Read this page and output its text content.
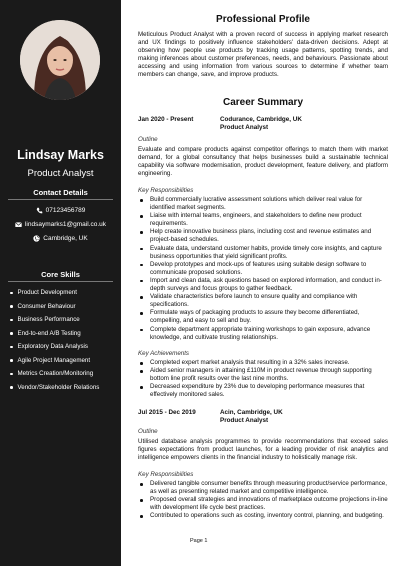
Lindsay Marks
Product Analyst
Contact Details
07123456789
lindsaymarks1@gmail.co.uk
Cambridge, UK
Core Skills
Product Development
Consumer Behaviour
Business Performance
End-to-end A/B Testing
Exploratory Data Analysis
Agile Project Management
Metrics Creation/Monitoring
Vendor/Stakeholder Relations
Professional Profile
Meticulous Product Analyst with a proven record of success in applying market research and UX findings to positively influence stakeholders' data-driven decisions. Adept at observing how people use products by tracking usage patterns, spotting trends, and making inferences about customer preferences, needs, and behaviours. Passionate about accessing and using information from various sources to determine if whether team members can change, save, and improve products.
Career Summary
Jan 2020 - Present	Codurance, Cambridge, UK
Product Analyst
Outline
Evaluate and compare products against competitor offerings to match them with market demand, for a global consultancy that helps businesses build a sustainable technical capability via software modernisation, product development, feature delivery, and platform engineering.
Key Responsibilities
Build commercially lucrative assessment solutions which deliver real value for identified market segments.
Liaise with internal teams, engineers, and stakeholders to define new product requirements.
Help create innovative business plans, including cost and revenue estimates and project-based schedules.
Evaluate data, understand customer habits, provide timely core insights, and capture business opportunities that yield significant profits.
Develop prototypes and mock-ups of features using suitable design software to communicate proposed solutions.
Import and clean data, ask questions based on explored information, and conduct in-depth surveys and focus groups to gather feedback.
Validate characteristics before launch to ensure quality and compliance with specifications.
Formulate ways of packaging products to assure they become differentiated, compelling, and easy to sell and buy.
Complete department appropriate training workshops to gain exposure, advance knowledge, and cultivate trusting relationships.
Key Achievements
Completed expert market analysis that resulting in a 32% sales increase.
Aided senior managers in attaining £110M in product revenue through supporting bottom line profit results over the last nine months.
Decreased expenditure by 23% due to developing performance measures that effectively monitored sales.
Jul 2015 - Dec 2019	Acin, Cambridge, UK
Product Analyst
Outline
Utilised database analysis programmes to provide recommendations that exceed sales figures expectations from product launches, for a leading provider of risk analytics and intelligence empowers clients in the financial industry to holistically manage risk.
Key Responsibilities
Delivered tangible consumer benefits through measuring product/service performance, as well as presenting related market and competitive intelligence.
Proposed overall strategies and innovations of marketplace outcome projections in-line with development life cycle best practices.
Contributed to operations such as costing, inventory control, planning, and budgeting.
Page 1
